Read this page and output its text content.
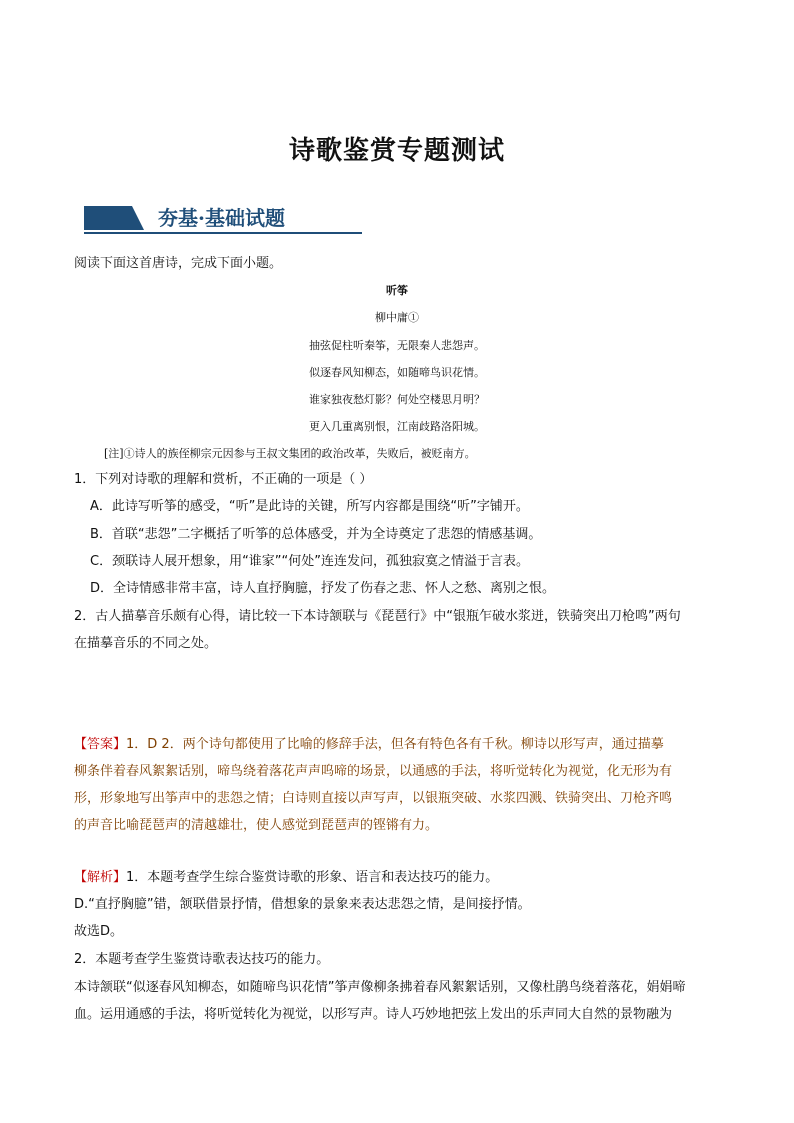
诗歌鉴赏专题测试
夯基·基础试题
阅读下面这首唐诗，完成下面小题。
听筝
柳中庸①
抽弦促柱听秦筝，无限秦人悲怨声。
似逐春风知柳态，如随啼鸟识花情。
谁家独夜愁灯影？何处空楼思月明？
更入几重离别恨，江南歧路洛阳城。
[注]①诗人的族侄柳宗元因参与王叔文集团的政治改革，失败后，被贬南方。
1．下列对诗歌的理解和赏析，不正确的一项是（ ）
A．此诗写听筝的感受，“听”是此诗的关键，所写内容都是围绕“听”字铺开。
B．首联“悲怨”二字概括了听筝的总体感受，并为全诗奠定了悲怨的情感基调。
C．颈联诗人展开想象，用“谁家”“何处”连连发问，孤独寂寞之情溢于言表。
D．全诗情感非常丰富，诗人直抒胸臆，抒发了伤春之悲、怀人之愁、离别之恨。
2．古人描摹音乐颇有心得，请比较一下本诗颔联与《琵琶行》中“银瓶乍破水浆迸，铁骑突出刀枪鸣”两句
在描摹音乐的不同之处。
【答案】1．D 2．两个诗句都使用了比喻的修辞手法，但各有特色各有千秋。柳诗以形写声，通过描摹
柳条伴着春风絮絮话别，啼鸟绕着落花声声呜啼的场景，以通感的手法，将听觉转化为视觉，化无形为有
形，形象地写出筝声中的悲怨之情；白诗则直接以声写声，以银瓶突破、水浆四溅、铁骑突出、刀枪齐鸣
的声音比喻琵琶声的清越雄壮，使人感觉到琵琶声的铿锵有力。
【解析】1．本题考查学生综合鉴赏诗歌的形象、语言和表达技巧的能力。
D.“直抒胸臆”错，颔联借景抒情，借想象的景象来表达悲怨之情，是间接抒情。
故选D。
2．本题考查学生鉴赏诗歌表达技巧的能力。
本诗颔联“似逐春风知柳态，如随啼鸟识花情”筝声像柳条拂着春风絮絮话别，又像杜鹃鸟绕着落花，娟娟啼
血。运用通感的手法，将听觉转化为视觉，以形写声。诗人巧妙地把弦上发出的乐声同大自然的景物融为
